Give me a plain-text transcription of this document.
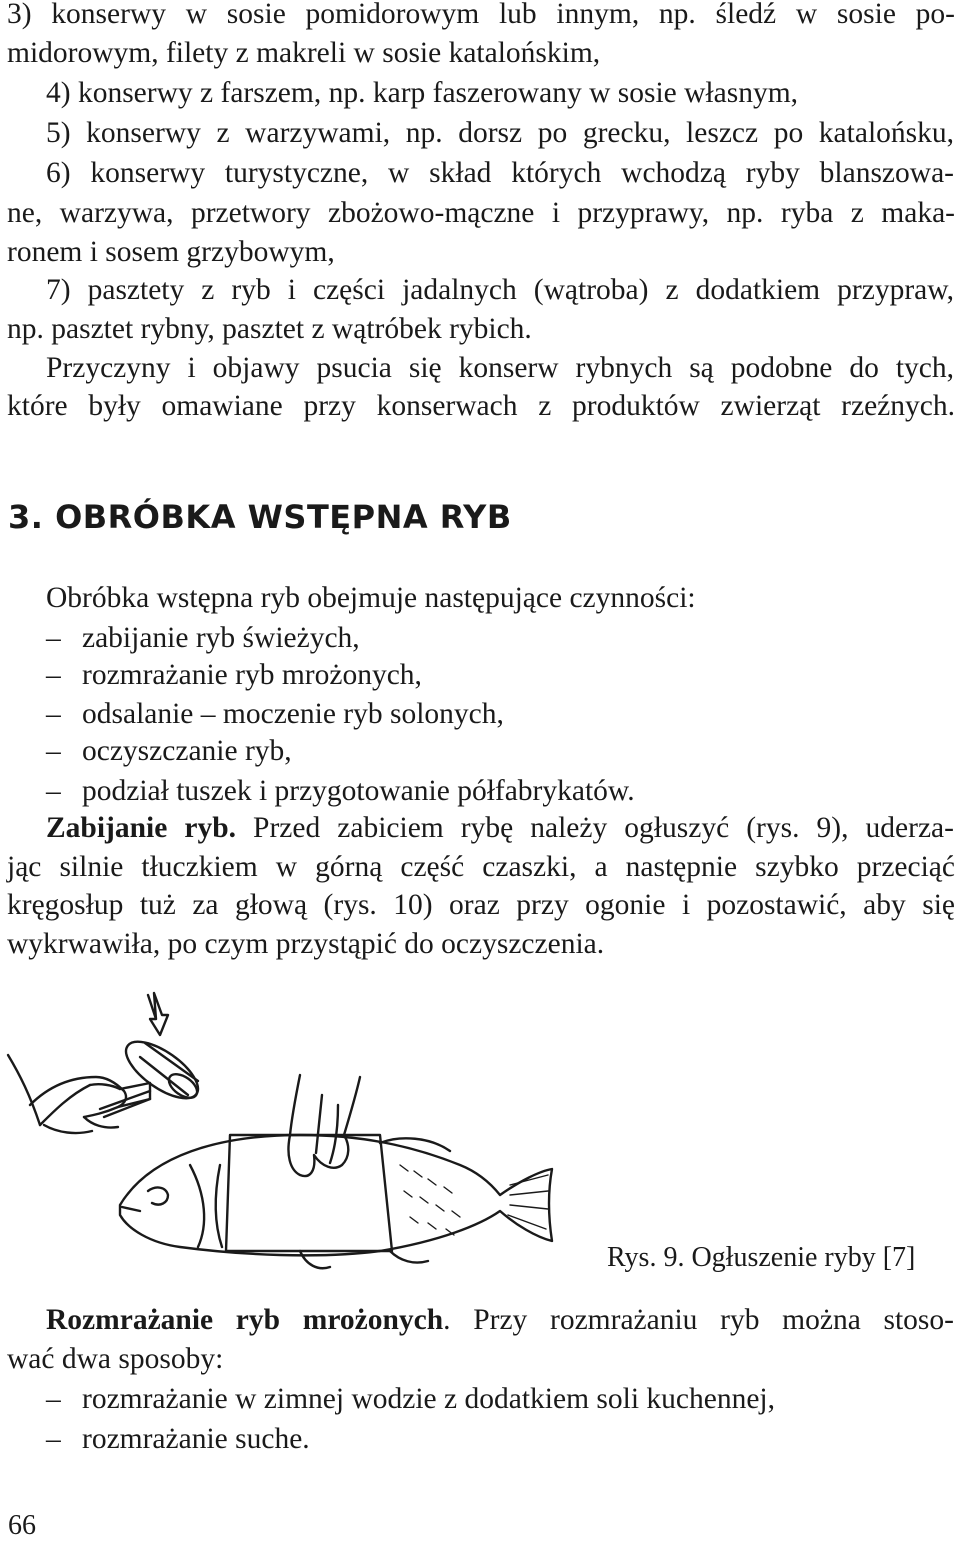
3) konserwy w sosie pomidorowym lub innym, np. śledź w sosie po-
midorowym, filety z makreli w sosie katalońskim,
4) konserwy z farszem, np. karp faszerowany w sosie własnym,
5) konserwy z warzywami, np. dorsz po grecku, leszcz po katalońsku,
6) konserwy turystyczne, w skład których wchodzą ryby blanszowa-
ne, warzywa, przetwory zbożowo-mączne i przyprawy, np. ryba z maka-
ronem i sosem grzybowym,
7) pasztety z ryb i części jadalnych (wątroba) z dodatkiem przypraw,
np. pasztet rybny, pasztet z wątróbek rybich.
Przyczyny i objawy psucia się konserw rybnych są podobne do tych,
które były omawiane przy konserwach z produktów zwierząt rzeźnych.
3. OBRÓBKA WSTĘPNA RYB
Obróbka wstępna ryb obejmuje następujące czynności:
– zabijanie ryb świeżych,
– rozmrażanie ryb mrożonych,
– odsalanie – moczenie ryb solonych,
– oczyszczanie ryb,
– podział tuszek i przygotowanie półfabrykatów.
Zabijanie ryb. Przed zabiciem rybę należy ogłuszyć (rys. 9), uderza-
jąc silnie tłuczkiem w górną część czaszki, a następnie szybko przeciąć
kręgosłup tuż za głową (rys. 10) oraz przy ogonie i pozostawić, aby się
wykrwawiła, po czym przystąpić do oczyszczenia.
Rys. 9. Ogłuszenie ryby [7]
Rozmrażanie ryb mrożonych. Przy rozmrażaniu ryb można stoso-
wać dwa sposoby:
– rozmrażanie w zimnej wodzie z dodatkiem soli kuchennej,
– rozmrażanie suche.
66
